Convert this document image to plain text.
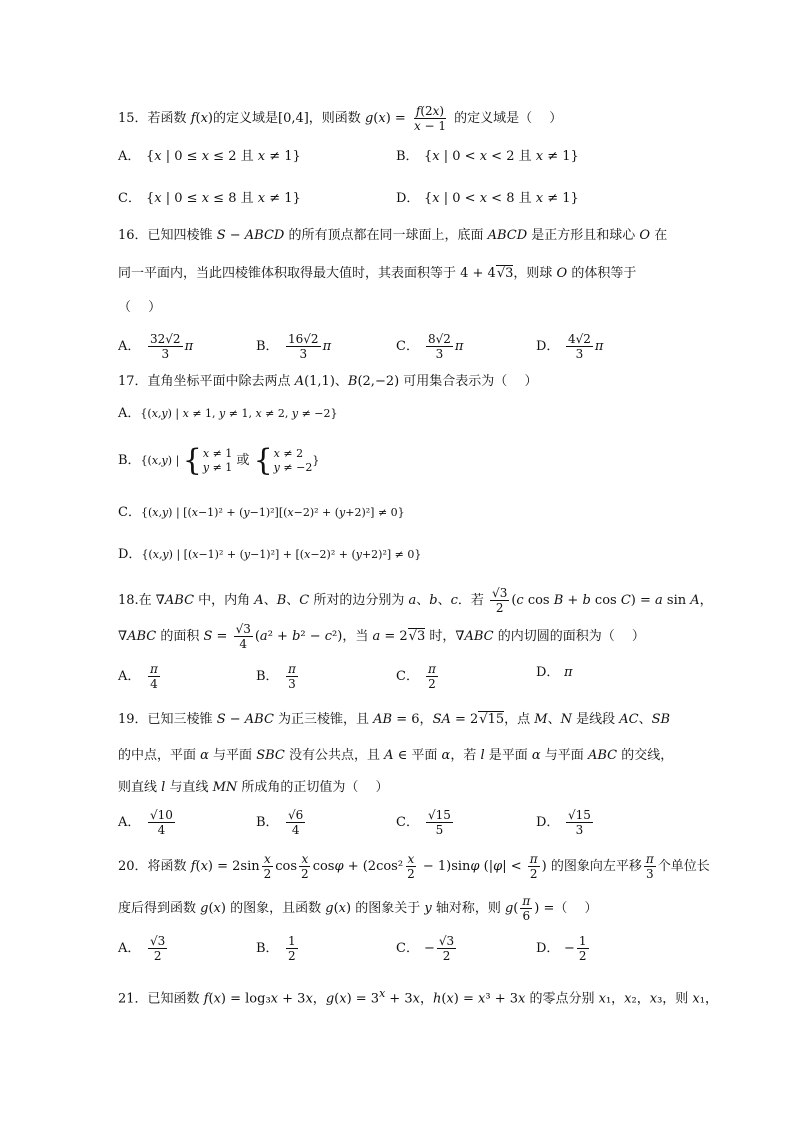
15．若函数 f(x)的定义域是[0,4]，则函数 $g(x) = \frac{f(2x)}{x - 1}$ 的定义域是（　 ）
A． {x | 0 ≤ x ≤ 2 且 x ≠ 1}	B． {x | 0 < x < 2 且 x ≠ 1}
C． {x | 0 ≤ x ≤ 8 且 x ≠ 1}	D． {x | 0 < x < 8 且 x ≠ 1}
16．已知四棱锥 S − ABCD 的所有顶点都在同一球面上，底面 ABCD 是正方形且和球心 O 在
同一平面内，当此四棱锥体积取得最大值时，其表面积等于 4 + 4√3，则球 O 的体积等于
（　 ）
A． $\frac{32√2}{3}$ π	B． $\frac{16√2}{3}$ π	C． $\frac{8√2}{3}$ π	D． $\frac{4√2}{3}$ π
17．直角坐标平面中除去两点 A(1,1)、B(2,−2) 可用集合表示为（　 ）
A．{(x,y) | x ≠ 1, y ≠ 1, x ≠ 2, y ≠ −2}
B．{(x,y) | { x ≠ 1
y ≠ 1 或 { x ≠ 2
y ≠ −2 }
C．{(x,y) | [(x−1)² + (y−1)²][(x−2)² + (y+2)²] ≠ 0}
D．{(x,y) | [(x−1)² + (y−1)²] + [(x−2)² + (y+2)²] ≠ 0}
18.在 ∇ABC 中，内角 A、B、C 所对的边分别为 a、b、c．若 $\frac{√3}{2} (c$ cos B + b cos C) = a sin A，
∇ABC 的面积 $S = \frac{√3}{4} (a^2 + b^2 - c^2)$，当 a = 2√3 时，∇ABC 的内切圆的面积为（　 ）
A． $\frac{\pi}{4}$	B． $\frac{\pi}{3}$	C． $\frac{\pi}{2}$	D． π
19．已知三棱锥 S − ABC 为正三棱锥，且 AB = 6，SA = 2√15，点 M、N 是线段 AC、SB
的中点，平面 α 与平面 SBC 没有公共点，且 A ∈ 平面 α，若 l 是平面 α 与平面 ABC 的交线，
则直线 l 与直线 MN 所成角的正切值为（　 ）
A． $\frac{√10}{4}$	B． $\frac{√6}{4}$	C． $\frac{√15}{5}$	D． $\frac{√15}{3}$
20．将函数 $f(x) = 2\sin \frac{x}{2}$ $\cos \frac{x}{2}$ $\cos\varphi + (2\cos^2 \frac{x}{2} - 1)\sin\varphi$ ($|\varphi| < \frac{\pi}{2}$ ) 的图象向左平移 $\frac{\pi}{3}$ 个单位长
度后得到函数 g(x) 的图象，且函数 g(x) 的图象关于 y 轴对称，则 $g( \frac{\pi}{6}$ ) =（　 ）
A． $\frac{√3}{2}$	B． $\frac{1}{2}$	C． − $\frac{√3}{2}$	D． − $\frac{1}{2}$
21．已知函数 f(x) = log₃x + 3x，$g(x) = 3^x + 3x$，h(x) = x³ + 3x 的零点分别 x₁，x₂，x₃，则 x₁，
